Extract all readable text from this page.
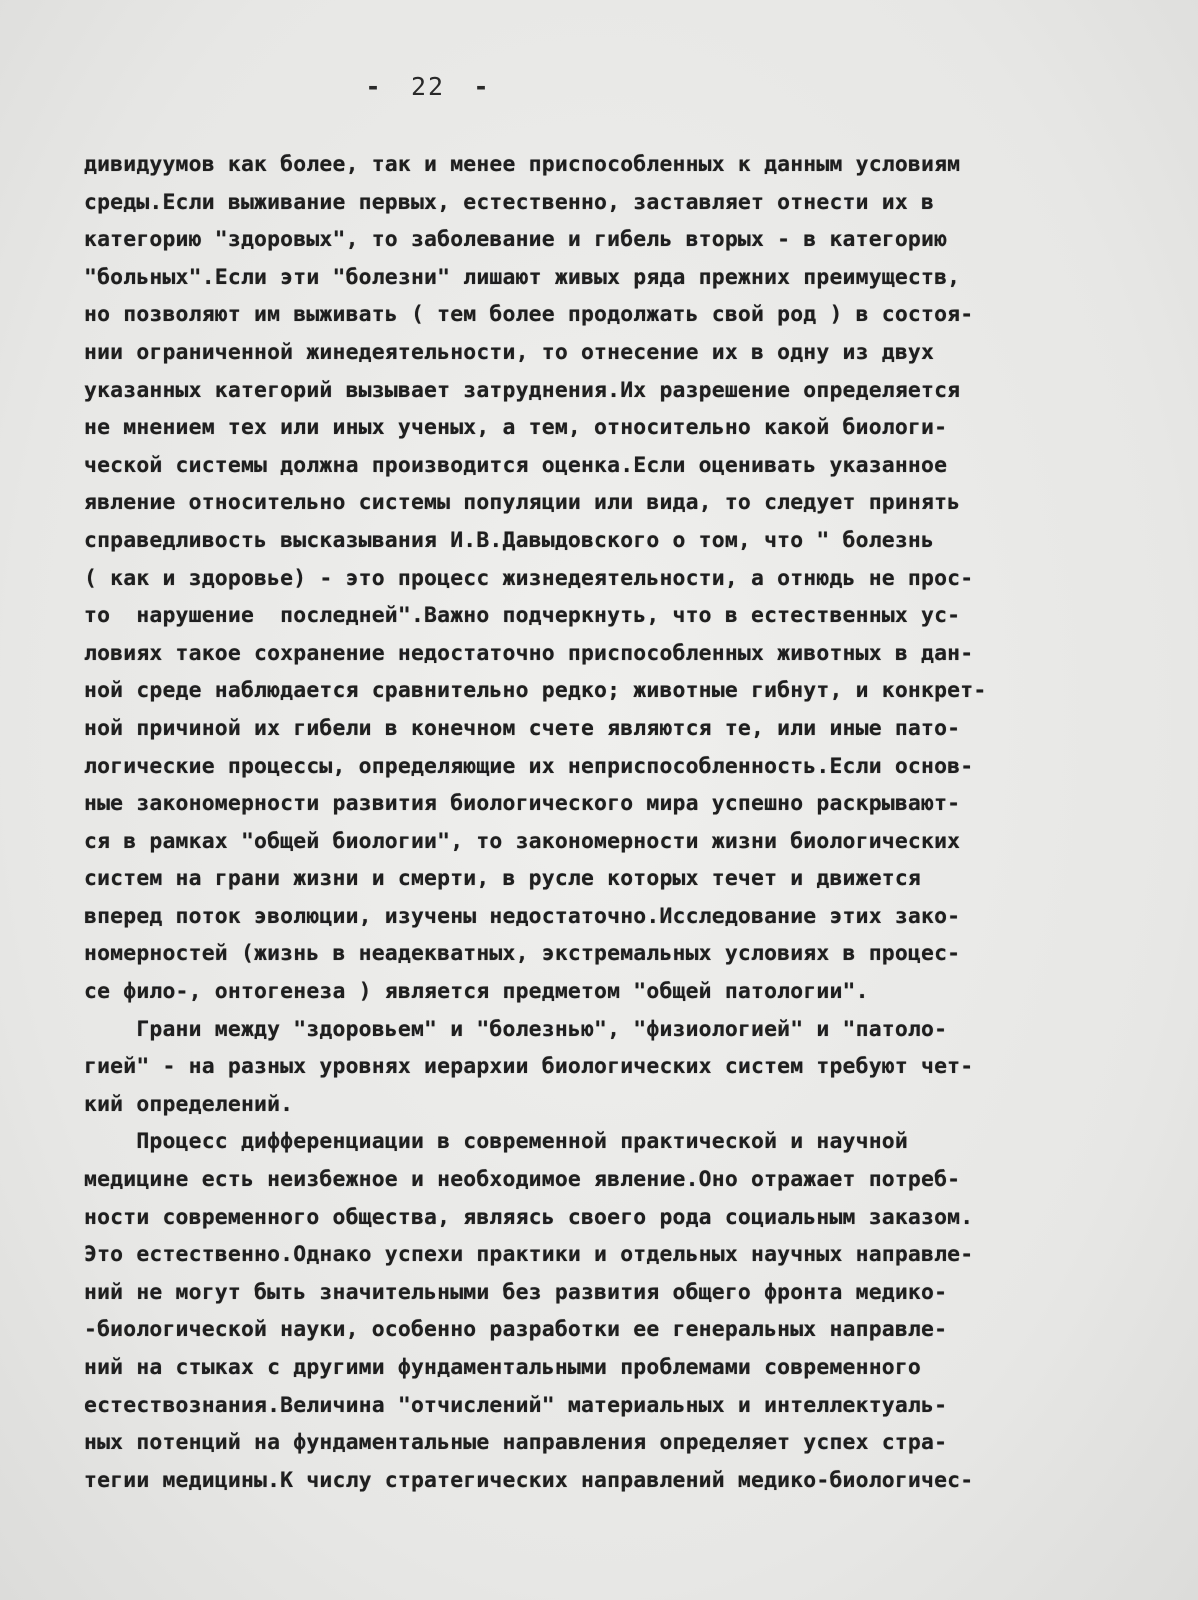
- 22 -
дивидуумов как более, так и менее приспособленных к данным условиям
среды.Если выживание первых, естественно, заставляет отнести их в
категорию "здоровых", то заболевание и гибель вторых - в категорию
"больных".Если эти "болезни" лишают живых ряда прежних преимуществ,
но позволяют им выживать ( тем более продолжать свой род ) в состоя-
нии ограниченной жинедеятельности, то отнесение их в одну из двух
указанных категорий вызывает затруднения.Их разрешение определяется
не мнением тех или иных ученых, а тем, относительно какой биологи-
ческой системы должна производится оценка.Если оценивать указанное
явление относительно системы популяции или вида, то следует принять
справедливость высказывания И.В.Давыдовского о том, что " болезнь
( как и здоровье) - это процесс жизнедеятельности, а отнюдь не прос-
то  нарушение  последней".Важно подчеркнуть, что в естественных ус-
ловиях такое сохранение недостаточно приспособленных животных в дан-
ной среде наблюдается сравнительно редко; животные гибнут, и конкрет-
ной причиной их гибели в конечном счете являются те, или иные пато-
логические процессы, определяющие их неприспособленность.Если основ-
ные закономерности развития биологического мира успешно раскрывают-
ся в рамках "общей биологии", то закономерности жизни биологических
систем на грани жизни и смерти, в русле которых течет и движется
вперед поток эволюции, изучены недостаточно.Исследование этих зако-
номерностей (жизнь в неадекватных, экстремальных условиях в процес-
се фило-, онтогенеза ) является предметом "общей патологии".
Грани между "здоровьем" и "болезнью", "физиологией" и "патоло-
гией" - на разных уровнях иерархии биологических систем требуют чет-
кий определений.
Процесс дифференциации в современной практической и научной
медицине есть неизбежное и необходимое явление.Оно отражает потреб-
ности современного общества, являясь своего рода социальным заказом.
Это естественно.Однако успехи практики и отдельных научных направле-
ний не могут быть значительными без развития общего фронта медико-
-биологической науки, особенно разработки ее генеральных направле-
ний на стыках с другими фундаментальными проблемами современного
естествознания.Величина "отчислений" материальных и интеллектуаль-
ных потенций на фундаментальные направления определяет успех стра-
тегии медицины.К числу стратегических направлений медико-биологичес-
